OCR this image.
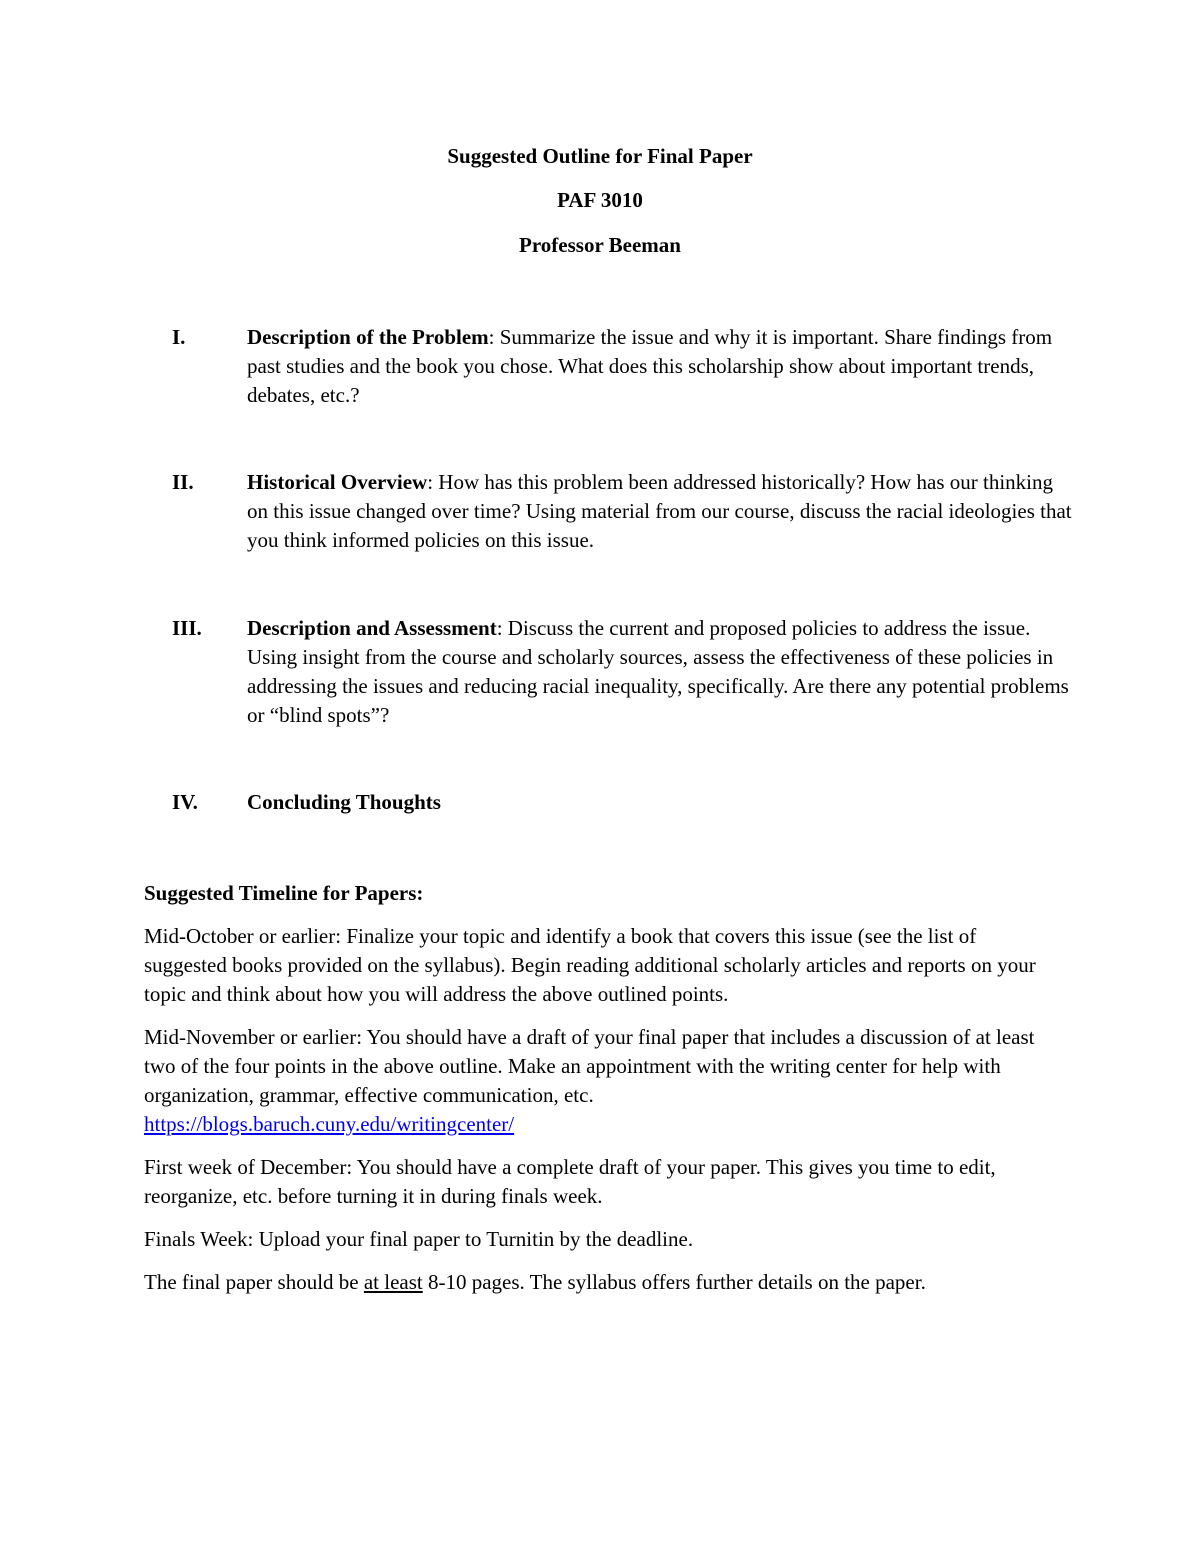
Suggested Outline for Final Paper
PAF 3010
Professor Beeman
I.	Description of the Problem: Summarize the issue and why it is important. Share findings from past studies and the book you chose. What does this scholarship show about important trends, debates, etc.?
II.	Historical Overview: How has this problem been addressed historically? How has our thinking on this issue changed over time? Using material from our course, discuss the racial ideologies that you think informed policies on this issue.
III. Description and Assessment: Discuss the current and proposed policies to address the issue. Using insight from the course and scholarly sources, assess the effectiveness of these policies in addressing the issues and reducing racial inequality, specifically. Are there any potential problems or “blind spots”?
IV. Concluding Thoughts

Suggested Timeline for Papers:

Mid-October or earlier: Finalize your topic and identify a book that covers this issue (see the list of suggested books provided on the syllabus). Begin reading additional scholarly articles and reports on your topic and think about how you will address the above outlined points.

Mid-November or earlier: You should have a draft of your final paper that includes a discussion of at least two of the four points in the above outline. Make an appointment with the writing center for help with organization, grammar, effective communication, etc.
https://blogs.baruch.cuny.edu/writingcenter/

First week of December: You should have a complete draft of your paper. This gives you time to edit, reorganize, etc. before turning it in during finals week.

Finals Week: Upload your final paper to Turnitin by the deadline.

The final paper should be at least 8-10 pages. The syllabus offers further details on the paper.
